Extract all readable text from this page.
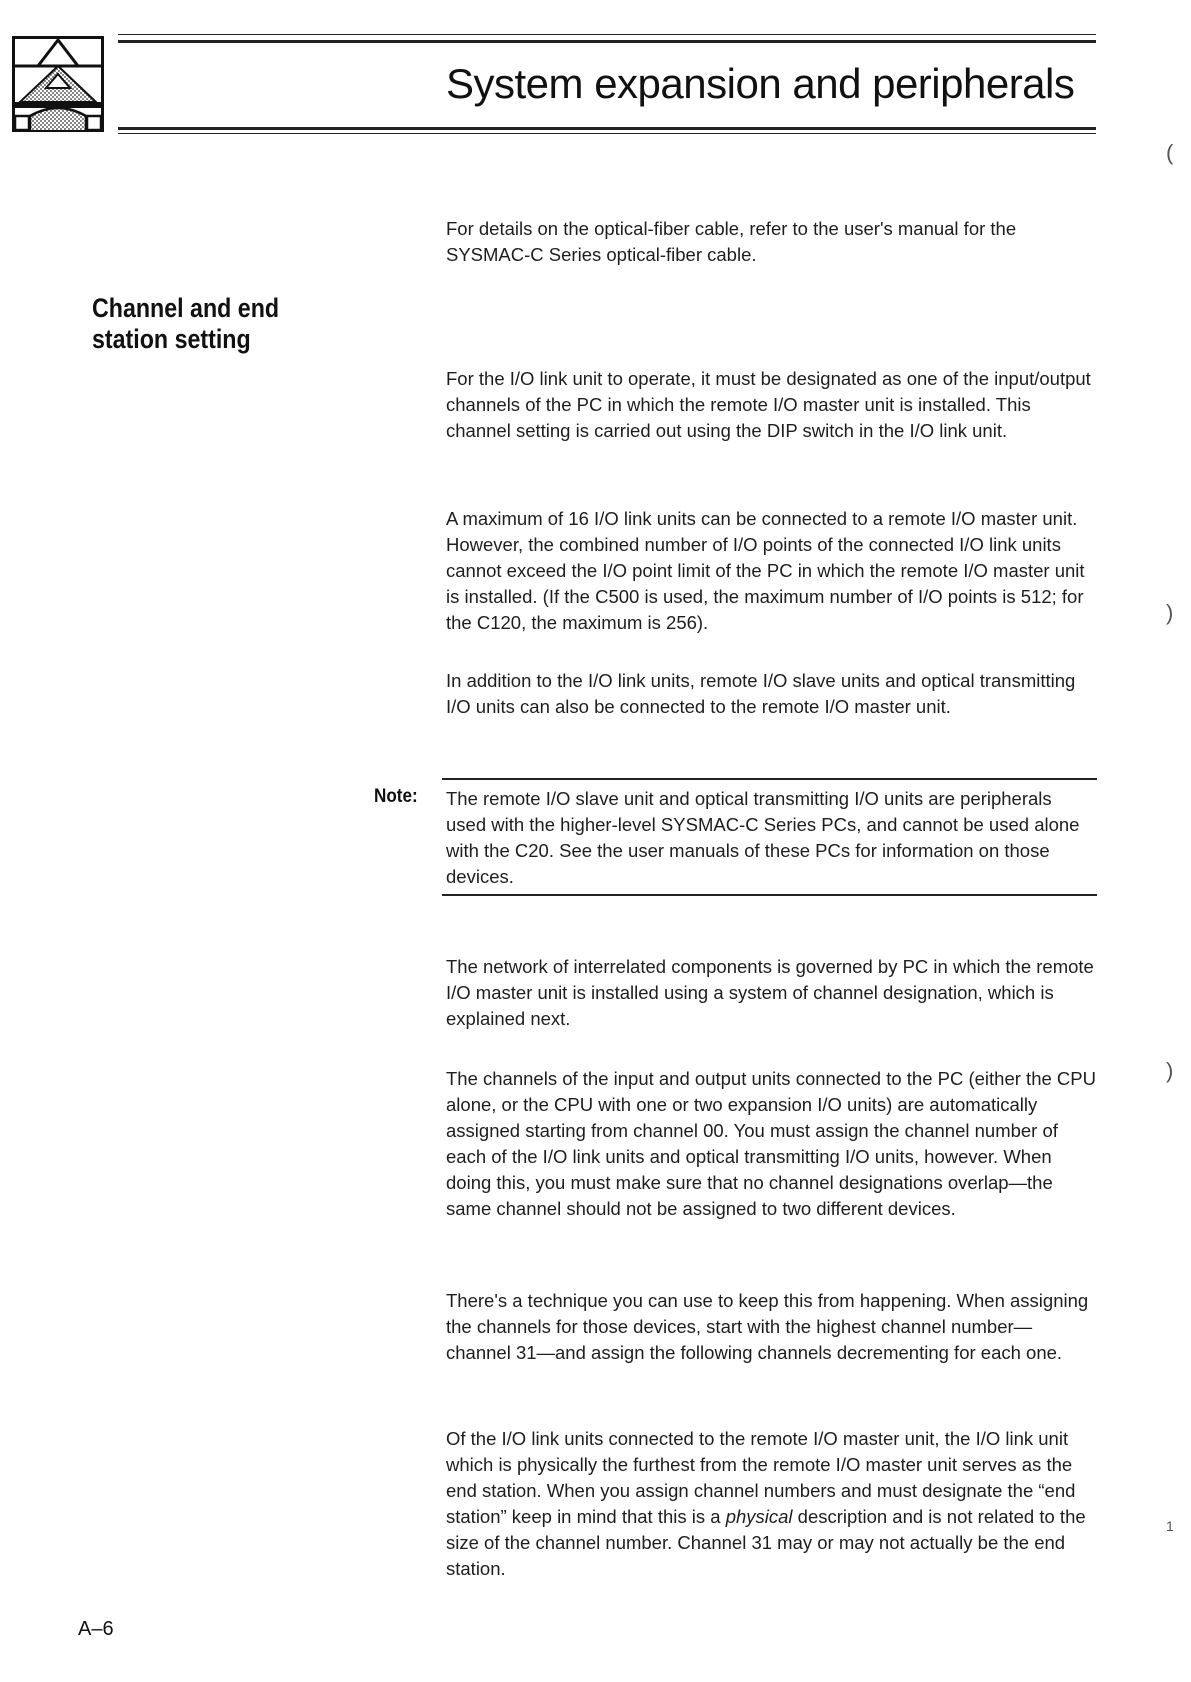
System expansion and peripherals

For details on the optical-fiber cable, refer to the user's manual for the SYSMAC-C Series optical-fiber cable.

Channel and end station setting

For the I/O link unit to operate, it must be designated as one of the input/output channels of the PC in which the remote I/O master unit is installed. This channel setting is carried out using the DIP switch in the I/O link unit.

A maximum of 16 I/O link units can be connected to a remote I/O master unit. However, the combined number of I/O points of the connected I/O link units cannot exceed the I/O point limit of the PC in which the remote I/O master unit is installed. (If the C500 is used, the maximum number of I/O points is 512; for the C120, the maximum is 256).

In addition to the I/O link units, remote I/O slave units and optical transmitting I/O units can also be connected to the remote I/O master unit.

Note: The remote I/O slave unit and optical transmitting I/O units are peripherals used with the higher-level SYSMAC-C Series PCs, and cannot be used alone with the C20. See the user manuals of these PCs for information on those devices.

The network of interrelated components is governed by PC in which the remote I/O master unit is installed using a system of channel designation, which is explained next.

The channels of the input and output units connected to the PC (either the CPU alone, or the CPU with one or two expansion I/O units) are automatically assigned starting from channel 00. You must assign the channel number of each of the I/O link units and optical transmitting I/O units, however. When doing this, you must make sure that no channel designations overlap—the same channel should not be assigned to two different devices.

There's a technique you can use to keep this from happening. When assigning the channels for those devices, start with the highest channel number—channel 31—and assign the following channels decrementing for each one.

Of the I/O link units connected to the remote I/O master unit, the I/O link unit which is physically the furthest from the remote I/O master unit serves as the end station. When you assign channel numbers and must designate the “end station” keep in mind that this is a physical description and is not related to the size of the channel number. Channel 31 may or may not actually be the end station.

A–6
(
)
)
1
